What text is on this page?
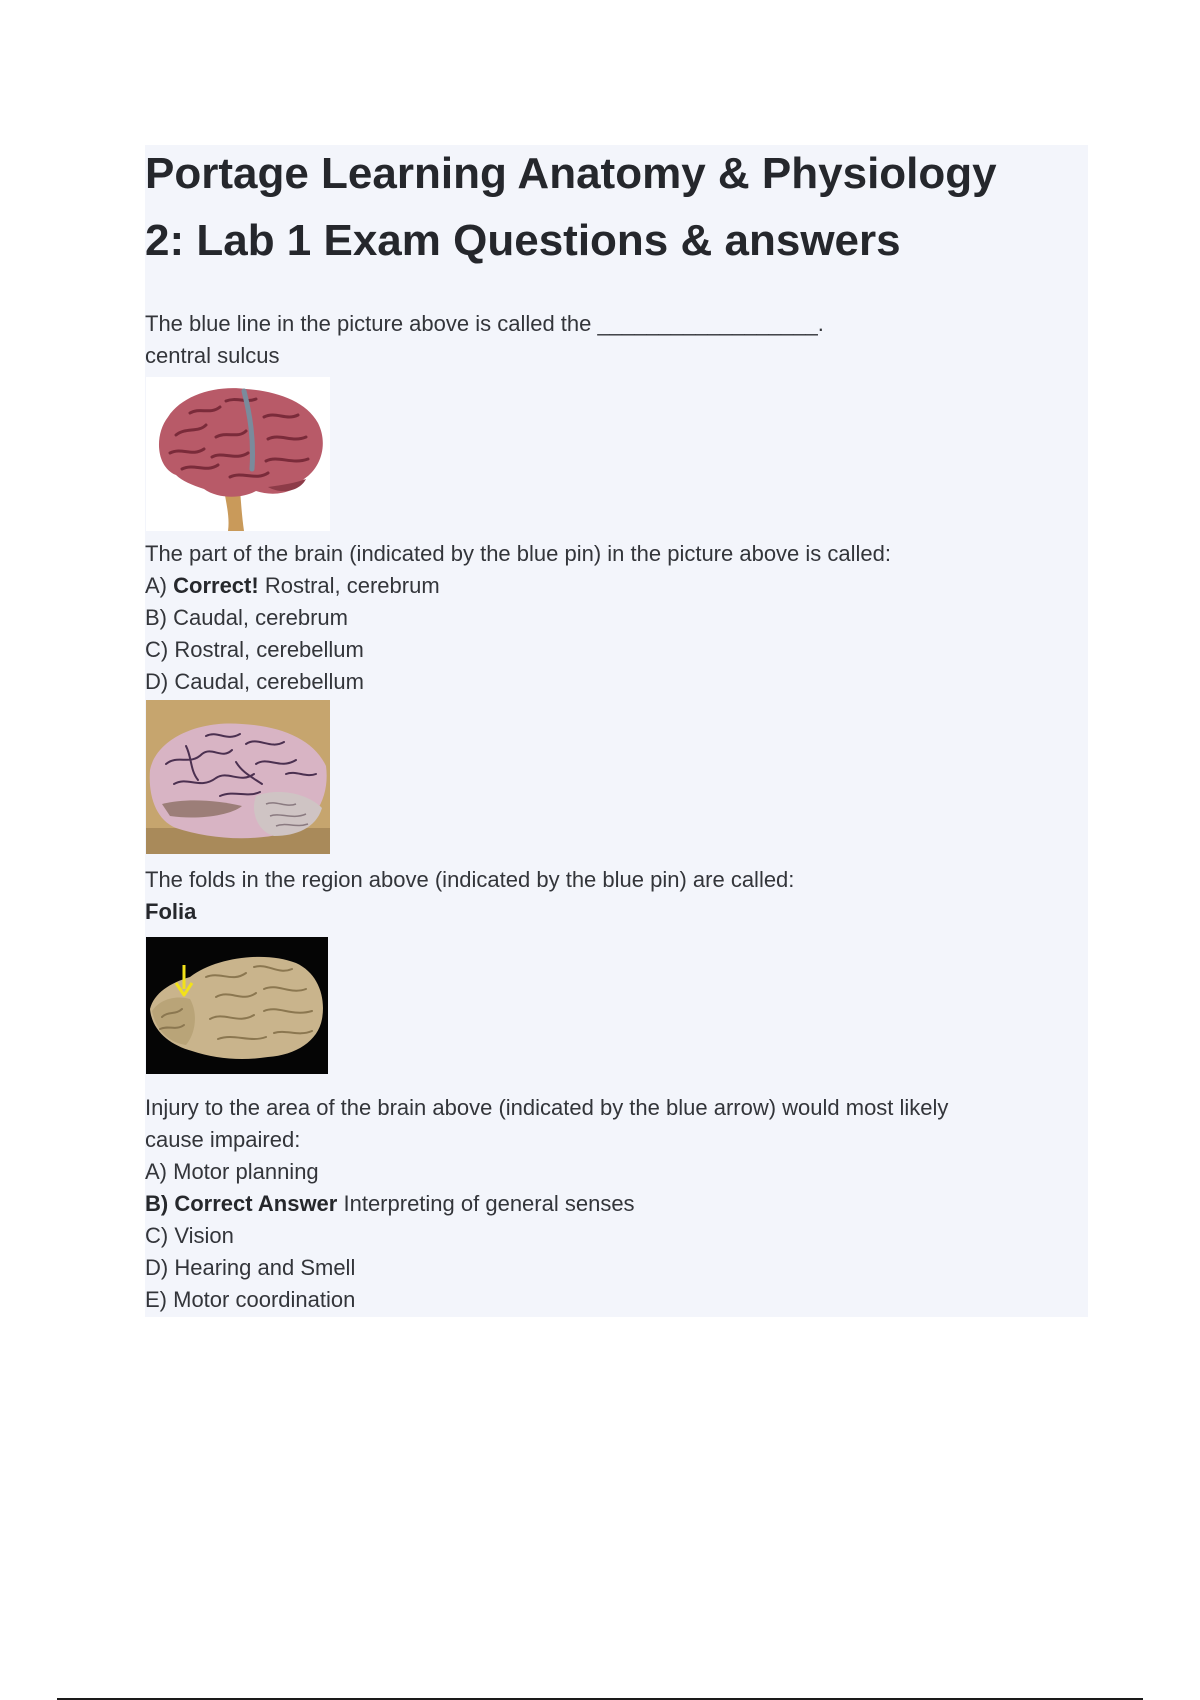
Portage Learning Anatomy & Physiology
2: Lab 1 Exam Questions & answers

The blue line in the picture above is called the __________________.

central sulcus

The part of the brain (indicated by the blue pin) in the picture above is called:

A) Correct! Rostral, cerebrum

B) Caudal, cerebrum

C) Rostral, cerebellum

D) Caudal, cerebellum

The folds in the region above (indicated by the blue pin) are called:

Folia

Injury to the area of the brain above (indicated by the blue arrow) would most likely

cause impaired:

A) Motor planning

B) Correct Answer Interpreting of general senses

C) Vision

D) Hearing and Smell

E) Motor coordination
